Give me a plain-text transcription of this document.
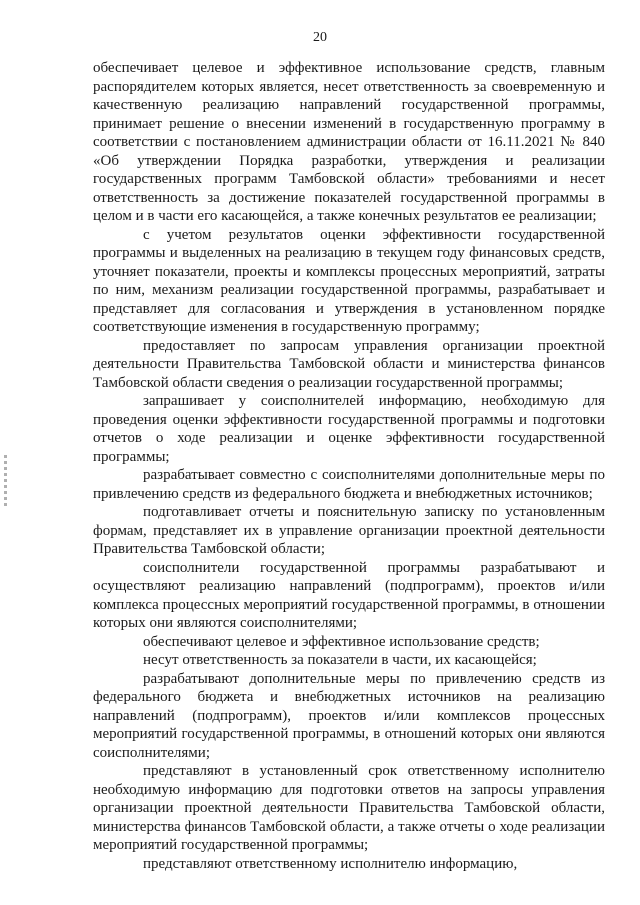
20

обеспечивает целевое и эффективное использование средств, главным распорядителем которых является, несет ответственность за своевременную и качественную реализацию направлений государственной программы, принимает решение о внесении изменений в государственную программу в соответствии с постановлением администрации области от 16.11.2021 № 840 «Об утверждении Порядка разработки, утверждения и реализации государственных программ Тамбовской области» требованиями и несет ответственность за достижение показателей государственной программы в целом и в части его касающейся, а также конечных результатов ее реализации;

с учетом результатов оценки эффективности государственной программы и выделенных на реализацию в текущем году финансовых средств, уточняет показатели, проекты и комплексы процессных мероприятий, затраты по ним, механизм реализации государственной программы, разрабатывает и представляет для согласования и утверждения в установленном порядке соответствующие изменения в государственную программу;

предоставляет по запросам управления организации проектной деятельности Правительства Тамбовской области и министерства финансов Тамбовской области сведения о реализации государственной программы;

запрашивает у соисполнителей информацию, необходимую для проведения оценки эффективности государственной программы и подготовки отчетов о ходе реализации и оценке эффективности государственной программы;

разрабатывает совместно с соисполнителями дополнительные меры по привлечению средств из федерального бюджета и внебюджетных источников;

подготавливает отчеты и пояснительную записку по установленным формам, представляет их в управление организации проектной деятельности Правительства Тамбовской области;

соисполнители государственной программы разрабатывают и осуществляют реализацию направлений (подпрограмм), проектов и/или комплекса процессных мероприятий государственной программы, в отношении которых они являются соисполнителями;

обеспечивают целевое и эффективное использование средств;

несут ответственность за показатели в части, их касающейся;

разрабатывают дополнительные меры по привлечению средств из федерального бюджета и внебюджетных источников на реализацию направлений (подпрограмм), проектов и/или комплексов процессных мероприятий государственной программы, в отношений которых они являются соисполнителями;

представляют в установленный срок ответственному исполнителю необходимую информацию для подготовки ответов на запросы управления организации проектной деятельности Правительства Тамбовской области, министерства финансов Тамбовской области, а также отчеты о ходе реализации мероприятий государственной программы;

представляют ответственному исполнителю информацию,
